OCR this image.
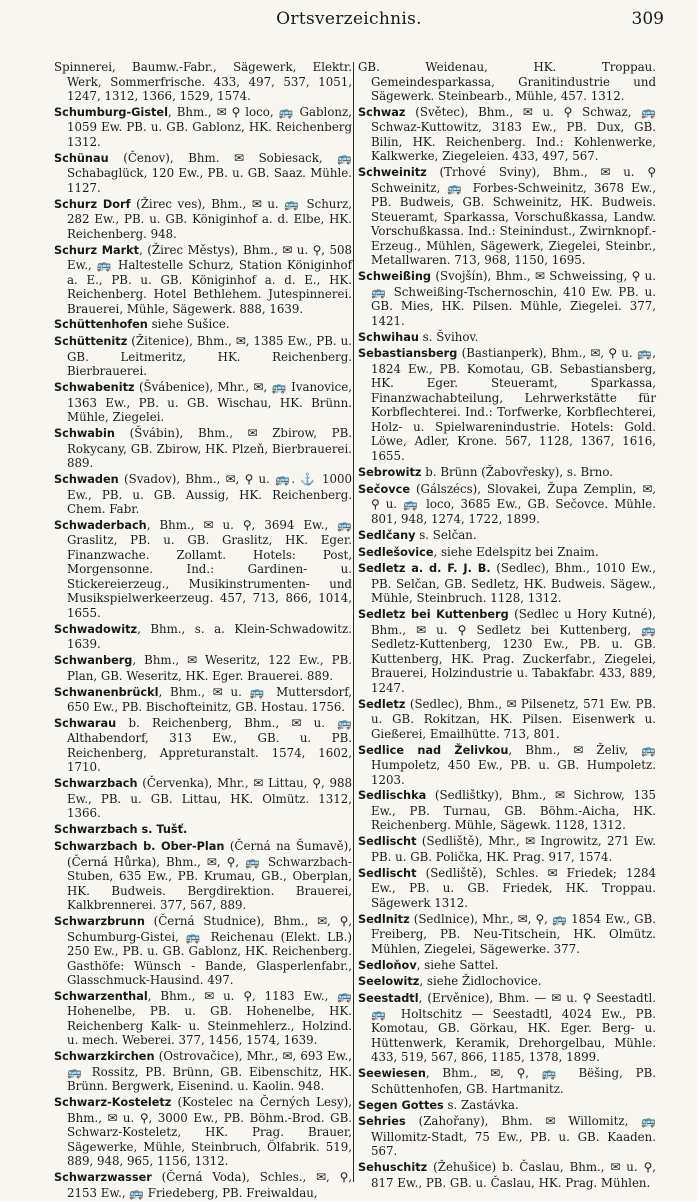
Ortsverzeichnis.	309

Spinnerei, Baumw.-Fabr., Sägewerk, Elektr. Werk, Sommerfrische. 433, 497, 537, 1051, 1247, 1312, 1366, 1529, 1574.

Schumburg-Gistel, Bhm., ✉ ⚲ loco, 🚌 Gablonz, 1059 Ew. PB. u. GB. Gablonz, HK. Reichenberg 1312.

Schünau (Čenov), Bhm. ✉ Sobiesack, 🚌 Schabaglück, 120 Ew., PB. u. GB. Saaz. Mühle. 1127.

Schurz Dorf (Žirec ves), Bhm., ✉ u. 🚌 Schurz, 282 Ew., PB. u. GB. Königinhof a. d. Elbe, HK. Reichenberg. 948.

Schurz Markt, (Žirec Městys), Bhm., ✉ u. ⚲, 508 Ew., 🚌 Haltestelle Schurz, Station Königinhof a. E., PB. u. GB. Königinhof a. d. E., HK. Reichenberg. Hotel Bethlehem. Jutespinnerei. Brauerei, Mühle, Sägewerk. 888, 1639.

Schüttenhofen siehe Sušice.

Schüttenitz (Žitenice), Bhm., ✉, 1385 Ew., PB. u. GB. Leitmeritz, HK. Reichenberg. Bierbrauerei.

Schwabenitz (Švábenice), Mhr., ✉, 🚌 Ivanovice, 1363 Ew., PB. u. GB. Wischau, HK. Brünn. Mühle, Ziegelei.

Schwabin (Švábin), Bhm., ✉ Zbirow, PB. Rokycany, GB. Zbirow, HK. Plzeň, Bierbrauerei. 889.

Schwaden (Svadov), Bhm., ✉, ⚲ u. 🚌. ⚓ 1000 Ew., PB. u. GB. Aussig, HK. Reichenberg. Chem. Fabr.

Schwaderbach, Bhm., ✉ u. ⚲, 3694 Ew., 🚌 Graslitz, PB. u. GB. Graslitz, HK. Eger. Finanzwache. Zollamt. Hotels: Post, Morgensonne. Ind.: Gardinen- u. Stickereierzeug., Musikinstrumenten- und Musikspielwerkeerzeug. 457, 713, 866, 1014, 1655.

Schwadowitz, Bhm., s. a. Klein-Schwadowitz. 1639.

Schwanberg, Bhm., ✉ Weseritz, 122 Ew., PB. Plan, GB. Weseritz, HK. Eger. Brauerei. 889.

Schwanenbrückl, Bhm., ✉ u. 🚌 Muttersdorf, 650 Ew., PB. Bischofteinitz, GB. Hostau. 1756.

Schwarau b. Reichenberg, Bhm., ✉ u. 🚌 Althabendorf, 313 Ew., GB. u. PB. Reichenberg, Appreturanstalt. 1574, 1602, 1710.

Schwarzbach (Červenka), Mhr., ✉ Littau, ⚲, 988 Ew., PB. u. GB. Littau, HK. Olmütz. 1312, 1366.

Schwarzbach s. Tušť.

Schwarzbach b. Ober-Plan (Černá na Šumavě), (Černá Hůrka), Bhm., ✉, ⚲, 🚌 Schwarzbach-Stuben, 635 Ew., PB. Krumau, GB., Oberplan, HK. Budweis. Bergdirektion. Brauerei, Kalkbrennerei. 377, 567, 889.

Schwarzbrunn (Černá Studnice), Bhm., ✉, ⚲, Schumburg-Gistei, 🚌 Reichenau (Elekt. LB.) 250 Ew., PB. u. GB. Gablonz, HK. Reichenberg. Gasthöfe: Wünsch - Bande, Glasperlenfabr., Glasschmuck-Hausind. 497.

Schwarzenthal, Bhm., ✉ u. ⚲, 1183 Ew., 🚌 Hohenelbe, PB. u. GB. Hohenelbe, HK. Reichenberg Kalk- u. Steinmehlerz., Holzind. u. mech. Weberei. 377, 1456, 1574, 1639.

Schwarzkirchen (Ostrovačice), Mhr., ✉, 693 Ew., 🚌 Rossitz, PB. Brünn, GB. Eibenschitz, HK. Brünn. Bergwerk, Eisenind. u. Kaolin. 948.

Schwarz-Kosteletz (Kostelec na Černých Lesy), Bhm., ✉ u. ⚲, 3000 Ew., PB. Böhm.-Brod. GB. Schwarz-Kosteletz, HK. Prag. Brauer, Sägewerke, Mühle, Steinbruch, Ölfabrik. 519, 889, 948, 965, 1156, 1312.

Schwarzwasser (Černá Voda), Schles., ✉, ⚲, 2153 Ew., 🚌 Friedeberg, PB. Freiwaldau,

GB. Weidenau, HK. Troppau. Gemeindesparkassa, Granitindustrie und Sägewerk. Steinbearb., Mühle, 457. 1312.

Schwaz (Světec), Bhm., ✉ u. ⚲ Schwaz, 🚌 Schwaz-Kuttowitz, 3183 Ew., PB. Dux, GB. Bilin, HK. Reichenberg. Ind.: Kohlenwerke, Kalkwerke, Ziegeleien. 433, 497, 567.

Schweinitz (Trhové Sviny), Bhm., ✉ u. ⚲ Schweinitz, 🚌 Forbes-Schweinitz, 3678 Ew., PB. Budweis, GB. Schweinitz, HK. Budweis. Steueramt, Sparkassa, Vorschußkassa, Landw. Vorschußkassa. Ind.: Steinindust., Zwirnknopf.-Erzeug., Mühlen, Sägewerk, Ziegelei, Steinbr., Metallwaren. 713, 968, 1150, 1695.

Schweißing (Svojšín), Bhm., ✉ Schweissing, ⚲ u. 🚌 Schweißing-Tschernoschin, 410 Ew. PB. u. GB. Mies, HK. Pilsen. Mühle, Ziegelei. 377, 1421.

Schwihau s. Švihov.

Sebastiansberg (Bastianperk), Bhm., ✉, ⚲ u. 🚌, 1824 Ew., PB. Komotau, GB. Sebastiansberg, HK. Eger. Steueramt, Sparkassa, Finanzwachabteilung, Lehrwerkstätte für Korbflechterei. Ind.: Torfwerke, Korbflechterei, Holz- u. Spielwarenindustrie. Hotels: Gold. Löwe, Adler, Krone. 567, 1128, 1367, 1616, 1655.

Sebrowitz b. Brünn (Žabovřesky), s. Brno.

Sečovce (Gálszécs), Slovakei, Župa Zemplin, ✉, ⚲ u. 🚌 loco, 3685 Ew., GB. Sečovce. Mühle. 801, 948, 1274, 1722, 1899.

Sedlčany s. Selčan.

Sedlešovice, siehe Edelspitz bei Znaim.

Sedletz a. d. F. J. B. (Sedlec), Bhm., 1010 Ew., PB. Selčan, GB. Sedletz, HK. Budweis. Sägew., Mühle, Steinbruch. 1128, 1312.

Sedletz bei Kuttenberg (Sedlec u Hory Kutné), Bhm., ✉ u. ⚲ Sedletz bei Kuttenberg, 🚌 Sedletz-Kuttenberg, 1230 Ew., PB. u. GB. Kuttenberg, HK. Prag. Zuckerfabr., Ziegelei, Brauerei, Holzindustrie u. Tabakfabr. 433, 889, 1247.

Sedletz (Sedlec), Bhm., ✉ Pilsenetz, 571 Ew. PB. u. GB. Rokitzan, HK. Pilsen. Eisenwerk u. Gießerei, Emailhütte. 713, 801.

Sedlice nad Želivkou, Bhm., ✉ Želiv, 🚌 Humpoletz, 450 Ew., PB. u. GB. Humpoletz. 1203.

Sedlischka (Sedlištky), Bhm., ✉ Sichrow, 135 Ew., PB. Turnau, GB. Böhm.-Aicha, HK. Reichenberg. Mühle, Sägewk. 1128, 1312.

Sedlischt (Sedliště), Mhr., ✉ Ingrowitz, 271 Ew. PB. u. GB. Polička, HK. Prag. 917, 1574.

Sedlischt (Sedliště), Schles. ✉ Friedek; 1284 Ew., PB. u. GB. Friedek, HK. Troppau. Sägewerk 1312.

Sedlnitz (Sedlnice), Mhr., ✉, ⚲, 🚌 1854 Ew., GB. Freiberg, PB. Neu-Titschein, HK. Olmütz. Mühlen, Ziegelei, Sägewerke. 377.

Sedloňov, siehe Sattel.

Seelowitz, siehe Židlochovice.

Seestadtl, (Ervěnice), Bhm. — ✉ u. ⚲ Seestadtl. 🚌 Holtschitz — Seestadtl, 4024 Ew., PB. Komotau, GB. Görkau, HK. Eger. Berg- u. Hüttenwerk, Keramik, Drehorgelbau, Mühle. 433, 519, 567, 866, 1185, 1378, 1899.

Seewiesen, Bhm., ✉, ⚲, 🚌 Bëšing, PB. Schüttenhofen, GB. Hartmanitz.

Segen Gottes s. Zastávka.

Sehries (Zahořany), Bhm. ✉ Willomitz, 🚌 Willomitz-Stadt, 75 Ew., PB. u. GB. Kaaden. 567.

Sehuschitz (Žehušice) b. Časlau, Bhm., ✉ u. ⚲, 817 Ew., PB. GB. u. Časlau, HK. Prag. Mühlen.
